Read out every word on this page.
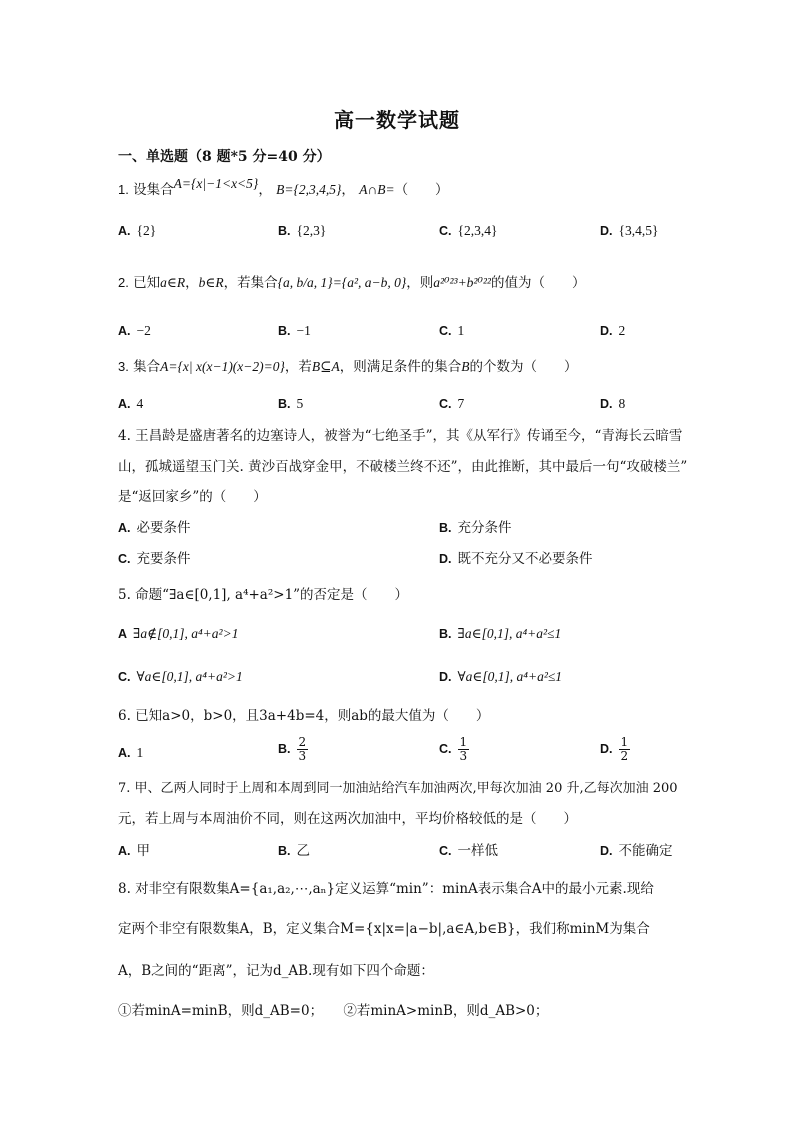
高一数学试题
一、单选题（8 题*5 分=40 分）
1. 设集合A={x|−1<x<5}， B={2,3,4,5}， A∩B=（　　）
A. {2}	B. {2,3}	C. {2,3,4}	D. {3,4,5}
2. 已知a∈R，b∈R，若集合{a, b/a, 1}={a², a−b, 0}，则a²⁰²³+b²⁰²²的值为（　　）
A. −2	B. −1	C. 1	D. 2
3. 集合A={x| x(x−1)(x−2)=0}，若B⊆A，则满足条件的集合B的个数为（　　）
A. 4	B. 5	C. 7	D. 8
4. 王昌龄是盛唐著名的边塞诗人，被誉为“七绝圣手”，其《从军行》传诵至今，“青海长云暗雪
山，孤城遥望玉门关. 黄沙百战穿金甲，不破楼兰终不还”，由此推断，其中最后一句“攻破楼兰”
是“返回家乡”的（　　）
A. 必要条件	B. 充分条件
C. 充要条件	D. 既不充分又不必要条件
5. 命题“∃a∈[0,1], a⁴+a²>1”的否定是（　　）
A ∃a∉[0,1], a⁴+a²>1	B. ∃a∈[0,1], a⁴+a²≤1
C. ∀a∈[0,1], a⁴+a²>1	D. ∀a∈[0,1], a⁴+a²≤1
6. 已知a>0，b>0，且3a+4b=4，则ab的最大值为（　　）
A. 1	B. $\frac{2}{3}$	C. $\frac{1}{3}$	D. $\frac{1}{2}$
7. 甲、乙两人同时于上周和本周到同一加油站给汽车加油两次,甲每次加油 20 升,乙每次加油 200
元，若上周与本周油价不同，则在这两次加油中，平均价格较低的是（　　）
A. 甲	B. 乙	C. 一样低	D. 不能确定
8. 对非空有限数集A={a₁,a₂,⋯,aₙ}定义运算“min”：minA表示集合A中的最小元素.现给
定两个非空有限数集A，B，定义集合M={x|x=|a−b|,a∈A,b∈B}，我们称minM为集合
A，B之间的“距离”，记为d_AB.现有如下四个命题：
①若minA=minB，则d_AB=0；　　②若minA>minB，则d_AB>0；
